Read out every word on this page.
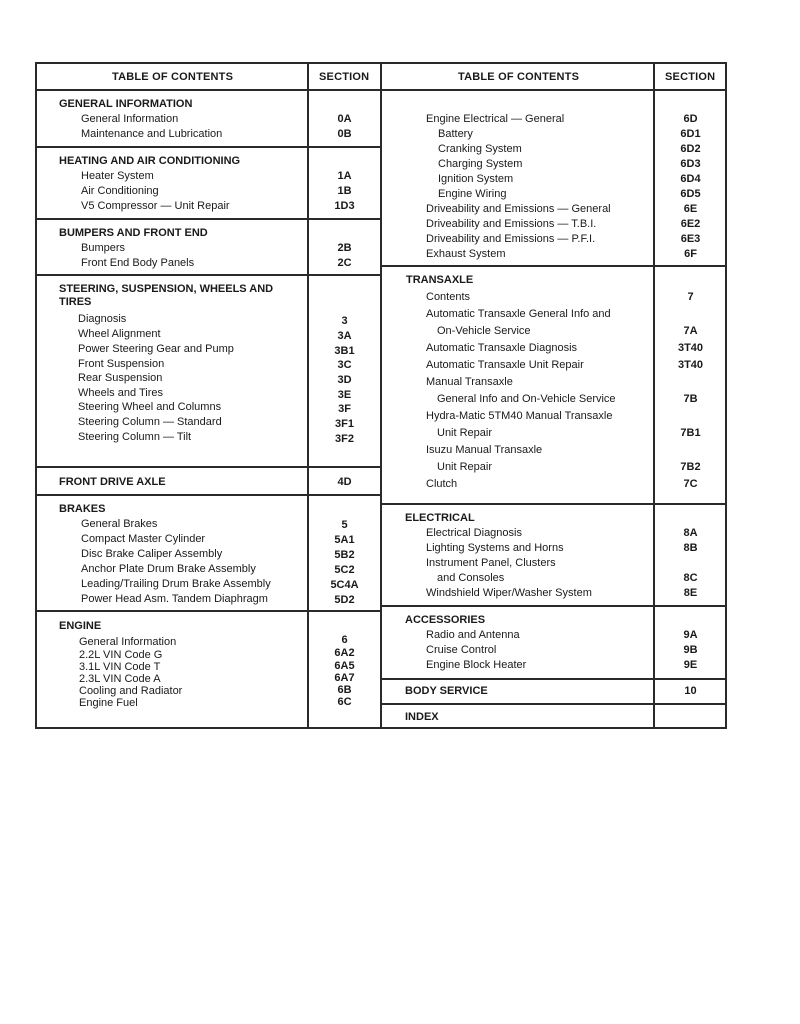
TABLE OF CONTENTS	SECTION	TABLE OF CONTENTS	SECTION
GENERAL INFORMATION
General Information	0A
Maintenance and Lubrication	0B
HEATING AND AIR CONDITIONING
Heater System	1A
Air Conditioning	1B
V5 Compressor — Unit Repair	1D3
BUMPERS AND FRONT END
Bumpers	2B
Front End Body Panels	2C
STEERING, SUSPENSION, WHEELS AND
TIRES
Diagnosis	3
Wheel Alignment	3A
Power Steering Gear and Pump	3B1
Front Suspension	3C
Rear Suspension	3D
Wheels and Tires	3E
Steering Wheel and Columns	3F
Steering Column — Standard	3F1
Steering Column — Tilt	3F2
FRONT DRIVE AXLE	4D
BRAKES
General Brakes	5
Compact Master Cylinder	5A1
Disc Brake Caliper Assembly	5B2
Anchor Plate Drum Brake Assembly	5C2
Leading/Trailing Drum Brake Assembly	5C4A
Power Head Asm. Tandem Diaphragm	5D2
ENGINE
General Information	6
2.2L VIN Code G	6A2
3.1L VIN Code T	6A5
2.3L VIN Code A	6A7
Cooling and Radiator	6B
Engine Fuel	6C
Engine Electrical — General	6D
Battery	6D1
Cranking System	6D2
Charging System	6D3
Ignition System	6D4
Engine Wiring	6D5
Driveability and Emissions — General	6E
Driveability and Emissions — T.B.I.	6E2
Driveability and Emissions — P.F.I.	6E3
Exhaust System	6F
TRANSAXLE
Contents	7
Automatic Transaxle General Info and
On-Vehicle Service	7A
Automatic Transaxle Diagnosis	3T40
Automatic Transaxle Unit Repair	3T40
Manual Transaxle
General Info and On-Vehicle Service	7B
Hydra-Matic 5TM40 Manual Transaxle
Unit Repair	7B1
Isuzu Manual Transaxle
Unit Repair	7B2
Clutch	7C
ELECTRICAL
Electrical Diagnosis	8A
Lighting Systems and Horns	8B
Instrument Panel, Clusters
and Consoles	8C
Windshield Wiper/Washer System	8E
ACCESSORIES
Radio and Antenna	9A
Cruise Control	9B
Engine Block Heater	9E
BODY SERVICE	10
INDEX
